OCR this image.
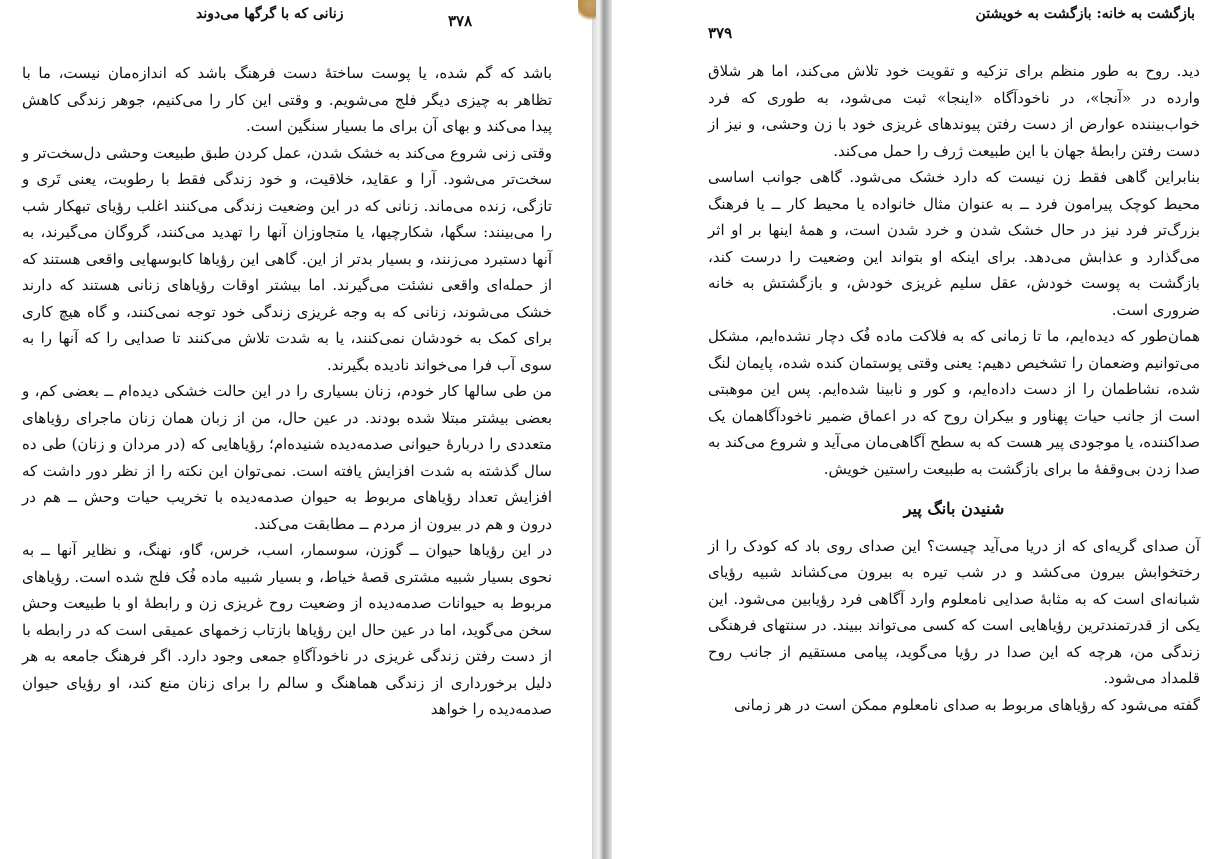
۳۷۸
زنانی که با گرگها می‌دوند

باشد که گم شده، یا پوست ساختهٔ دست فرهنگ باشد که اندازه‌مان نیست، ما با تظاهر به چیزی دیگر فلج می‌شویم. و وقتی این کار را می‌کنیم، جوهر زندگی کاهش پیدا می‌کند و بهای آن برای ما بسیار سنگین است.

وقتی زنی شروع می‌کند به خشک شدن، عمل کردن طبق طبیعت وحشی دل‌سخت‌تر و سخت‌تر می‌شود. آرا و عقاید، خلاقیت، و خود زندگی فقط با رطوبت، یعنی تَری و تازگی، زنده می‌ماند. زنانی که در این وضعیت زندگی می‌کنند اغلب رؤیای تبهکار شب را می‌بینند: سگها، شکارچیها، یا متجاوزان آنها را تهدید می‌کنند، گروگان می‌گیرند، به آنها دستبرد می‌زنند، و بسیار بدتر از این. گاهی این رؤیاها کابوسهایی واقعی هستند که از حمله‌ای واقعی نشئت می‌گیرند. اما بیشتر اوقات رؤیاهای زنانی هستند که دارند خشک می‌شوند، زنانی که به وجه غریزی زندگی خود توجه نمی‌کنند، و گاه هیچ کاری برای کمک به خودشان نمی‌کنند، یا به شدت تلاش می‌کنند تا صدایی را که آنها را به سوی آب فرا می‌خواند نادیده بگیرند.

من طی سالها کار خودم، زنان بسیاری را در این حالت خشکی دیده‌ام ــ بعضی کم، و بعضی بیشتر مبتلا شده بودند. در عین حال، من از زبان همان زنان ماجرای رؤیاهای متعددی را دربارهٔ حیوانی صدمه‌دیده شنیده‌ام؛ رؤیاهایی که (در مردان و زنان) طی ده سال گذشته به شدت افزایش یافته است. نمی‌توان این نکته را از نظر دور داشت که افزایش تعداد رؤیاهای مربوط به حیوان صدمه‌دیده با تخریب حیات وحش ــ هم در درون و هم در بیرون از مردم ــ مطابقت می‌کند.

در این رؤیاها حیوان ــ گوزن، سوسمار، اسب، خرس، گاو، نهنگ، و نظایر آنها ــ به نحوی بسیار شبیه مشتری قصهٔ خیاط، و بسیار شبیه ماده فُک فلج شده است. رؤیاهای مربوط به حیوانات صدمه‌دیده از وضعیت روح غریزی زن و رابطهٔ او با طبیعت وحش سخن می‌گوید، اما در عین حال این رؤیاها بازتاب زخمهای عمیقی است که در رابطه با از دست رفتن زندگی غریزی در ناخودآگاهِ جمعی وجود دارد. اگر فرهنگ جامعه به هر دلیل برخورداری از زندگی هماهنگ و سالم را برای زنان منع کند، او رؤیای حیوان صدمه‌دیده را خواهد

بازگشت به خانه: بازگشت به خویشتن
۳۷۹

دید. روح به طور منظم برای تزکیه و تقویت خود تلاش می‌کند، اما هر شلاق وارده در «آنجا»، در ناخودآگاه «اینجا» ثبت می‌شود، به طوری که فرد خواب‌بیننده عوارض از دست رفتن پیوندهای غریزی خود با زن وحشی، و نیز از دست رفتن رابطهٔ جهان با این طبیعت ژرف را حمل می‌کند.

بنابراین گاهی فقط زن نیست که دارد خشک می‌شود. گاهی جوانب اساسی محیط کوچک پیرامون فرد ــ به عنوان مثال خانواده یا محیط کار ــ یا فرهنگ بزرگ‌تر فرد نیز در حال خشک شدن و خرد شدن است، و همهٔ اینها بر او اثر می‌گذارد و عذابش می‌دهد. برای اینکه او بتواند این وضعیت را درست کند، بازگشت به پوست خودش، عقل سلیم غریزی خودش، و بازگشتش به خانه ضروری است.

همان‌طور که دیده‌ایم، ما تا زمانی که به فلاکت ماده فُک دچار نشده‌ایم، مشکل می‌توانیم وضعمان را تشخیص دهیم: یعنی وقتی پوستمان کنده شده، پایمان لنگ شده، نشاطمان را از دست داده‌ایم، و کور و نابینا شده‌ایم. پس این موهبتی است از جانب حیات پهناور و بیکران روح که در اعماق ضمیر ناخودآگاهمان یک صداکننده، یا موجودی پیر هست که به سطح آگاهی‌مان می‌آید و شروع می‌کند به صدا زدن بی‌وقفهٔ ما برای بازگشت به طبیعت راستین خویش.

شنیدن بانگ پیر

آن صدای گریه‌ای که از دریا می‌آید چیست؟ این صدای روی باد که کودک را از رختخوابش بیرون می‌کشد و در شب تیره به بیرون می‌کشاند شبیه رؤیای شبانه‌ای است که به مثابهٔ صدایی نامعلوم وارد آگاهی فرد رؤیابین می‌شود. این یکی از قدرتمندترین رؤیاهایی است که کسی می‌تواند ببیند. در سنتهای فرهنگی زندگی من، هرچه که این صدا در رؤیا می‌گوید، پیامی مستقیم از جانب روح قلمداد می‌شود.

گفته می‌شود که رؤیاهای مربوط به صدای نامعلوم ممکن است در هر زمانی
